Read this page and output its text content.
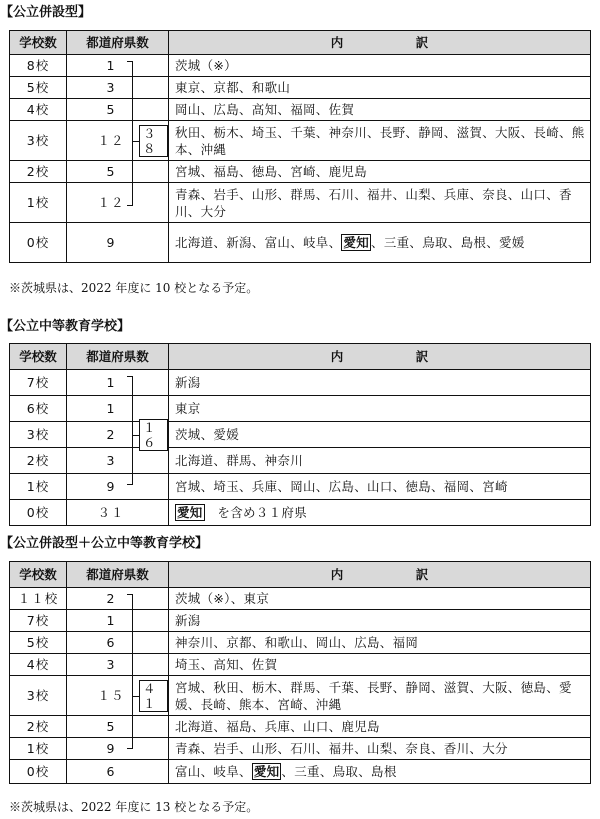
【公立併設型】
学校数	都道府県数	内　訳
8校	1	茨城（※）
5校	3	東京、京都、和歌山
4校	5	岡山、広島、高知、福岡、佐賀
3校	１２ ３８	秋田、栃木、埼玉、千葉、神奈川、長野、静岡、滋賀、大阪、長崎、熊本、沖縄
2校	5	宮城、福島、徳島、宮崎、鹿児島
1校	１２	青森、岩手、山形、群馬、石川、福井、山梨、兵庫、奈良、山口、香川、大分
0校	9	北海道、新潟、富山、岐阜、 愛知 、三重、鳥取、島根、愛媛
※茨城県は、2022 年度に 10 校となる予定。
【公立中等教育学校】
学校数	都道府県数	内　訳
7校	1	新潟
6校	1	東京
3校	2 １６	茨城、愛媛
2校	3	北海道、群馬、神奈川
1校	9	宮城、埼玉、兵庫、岡山、広島、山口、徳島、福岡、宮崎
0校	３１	愛知　を含め３１府県
【公立併設型＋公立中等教育学校】
学校数	都道府県数	内　訳
１１校	2	茨城（※）、東京
7校	1	新潟
5校	6	神奈川、京都、和歌山、岡山、広島、福岡
4校	3	埼玉、高知、佐賀
3校	１５ ４１	宮城、秋田、栃木、群馬、千葉、長野、静岡、滋賀、大阪、徳島、愛媛、長崎、熊本、宮崎、沖縄
2校	5	北海道、福島、兵庫、山口、鹿児島
1校	9	青森、岩手、山形、石川、福井、山梨、奈良、香川、大分
0校	6	富山、岐阜、 愛知 、三重、鳥取、島根
※茨城県は、2022 年度に 13 校となる予定。
